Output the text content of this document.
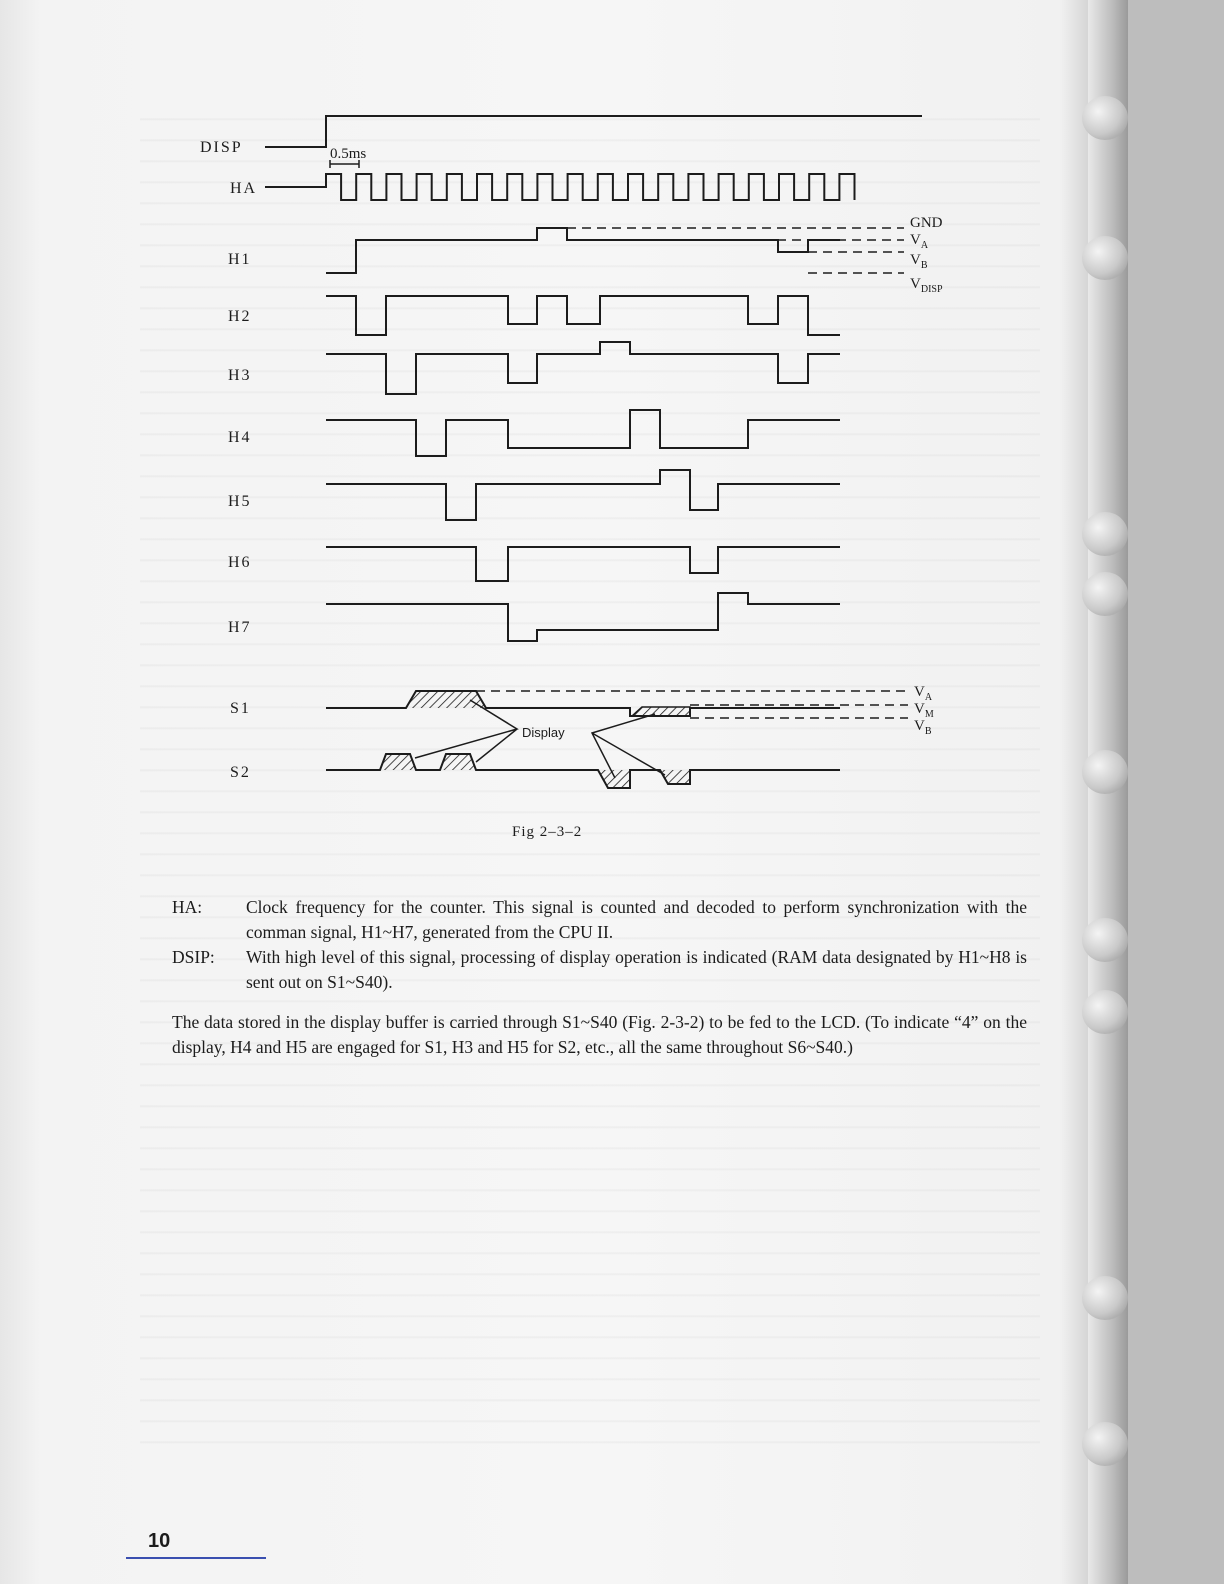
DISP
HA
H1
H2
H3
H4
H5
H6
H7
S1
S2
0.5ms
GND
$V_A$
$V_B$
$V_{DISP}$
$V_A$
$V_M$
$V_B$
Display
Fig 2–3–2
HA:	Clock frequency for the counter. This signal is counted and decoded to perform synchronization with the comman signal, H1~H7, generated from the CPU II.
DSIP:	With high level of this signal, processing of display operation is indicated (RAM data designated by H1~H8 is sent out on S1~S40).
The data stored in the display buffer is carried through S1~S40 (Fig. 2-3-2) to be fed to the LCD. (To indicate “4” on the display, H4 and H5 are engaged for S1, H3 and H5 for S2, etc., all the same throughout S6~S40.)
10
